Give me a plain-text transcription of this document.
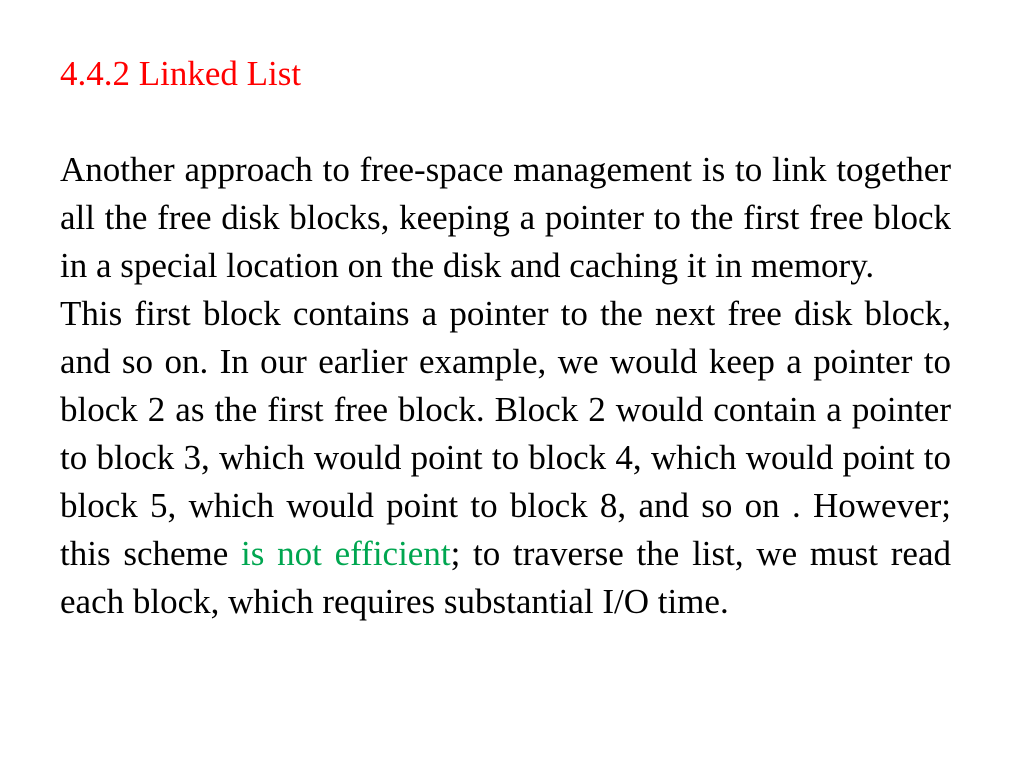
4.4.2 Linked List

Another approach to free-space management is to link together all the free disk blocks, keeping a pointer to the first free block in a special location on the disk and caching it in memory.

This first block contains a pointer to the next free disk block, and so on. In our earlier example, we would keep a pointer to block 2 as the first free block. Block 2 would contain a pointer to block 3, which would point to block 4, which would point to block 5, which would point to block 8, and so on . However; this scheme is not efficient; to traverse the list, we must read each block, which requires substantial I/O time.
